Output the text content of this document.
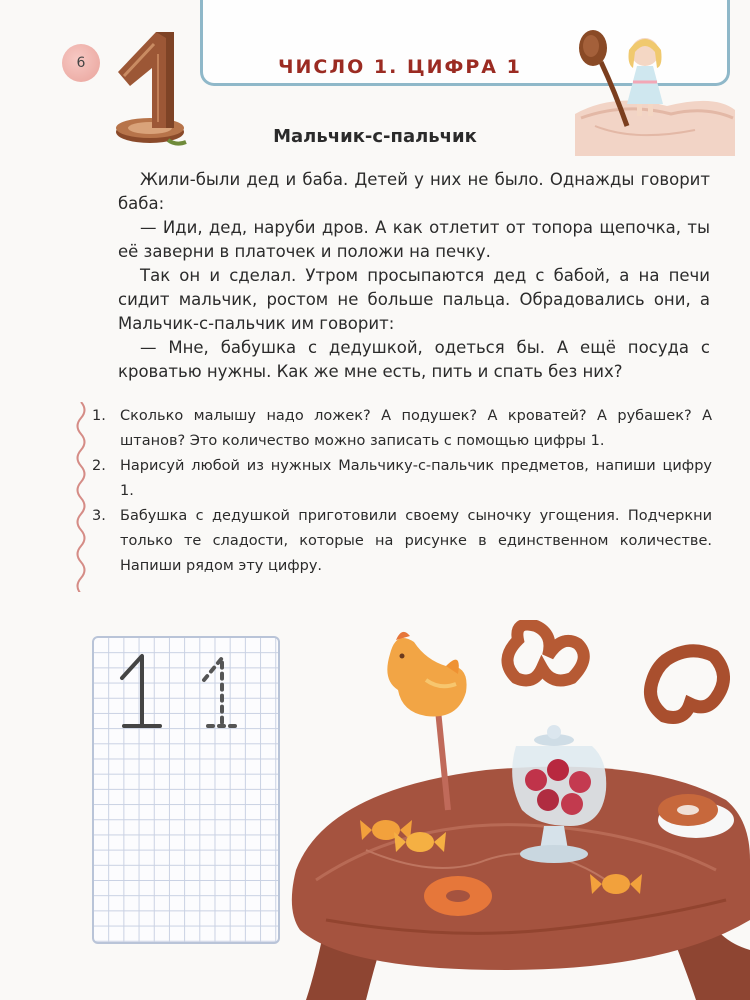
ЧИСЛО 1. ЦИФРА 1
6
Мальчик-с-пальчик

Жили-были дед и баба. Детей у них не было. Однажды говорит баба:

— Иди, дед, наруби дров. А как отлетит от топора щепочка, ты её заверни в платочек и положи на печку.

Так он и сделал. Утром просыпаются дед с бабой, а на печи сидит мальчик, ростом не больше пальца. Обрадовались они, а Мальчик-с-пальчик им говорит:

— Мне, бабушка с дедушкой, одеться бы. А ещё посуда с кроватью нужны. Как же мне есть, пить и спать без них?

1. Сколько малышу надо ложек? А подушек? А кроватей? А рубашек? А штанов? Это количество можно записать с помощью цифры 1.
2. Нарисуй любой из нужных Мальчику-с-пальчик предметов, напиши цифру 1.
3. Бабушка с дедушкой приготовили своему сыночку угощения. Подчеркни только те сладости, которые на рисунке в единственном количестве. Напиши рядом эту цифру.
